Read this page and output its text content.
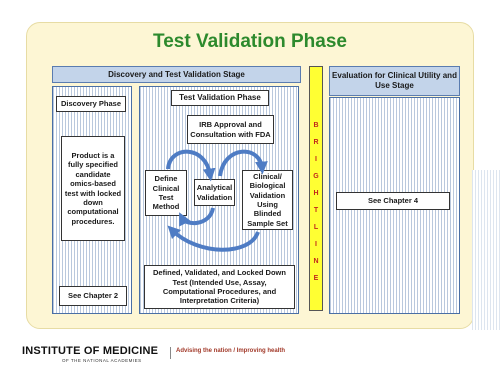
Test Validation Phase
Discovery and Test Validation Stage	Evaluation for Clinical Utility and Use Stage
Discovery Phase
Product is a fully specified candidate omics-based test with locked down computational procedures.
See Chapter 2
Test Validation Phase
IRB Approval and Consultation with FDA
Define Clinical Test Method
Analytical Validation
Clinical/ Biological Validation Using Blinded Sample Set
Defined, Validated, and Locked Down Test (Intended Use, Assay, Computational Procedures, and Interpretation Criteria)
See Chapter 4
B
R
I
G
H
T
L
I
N
E
INSTITUTE OF MEDICINE
OF THE NATIONAL ACADEMIES
Advising the nation / Improving health
